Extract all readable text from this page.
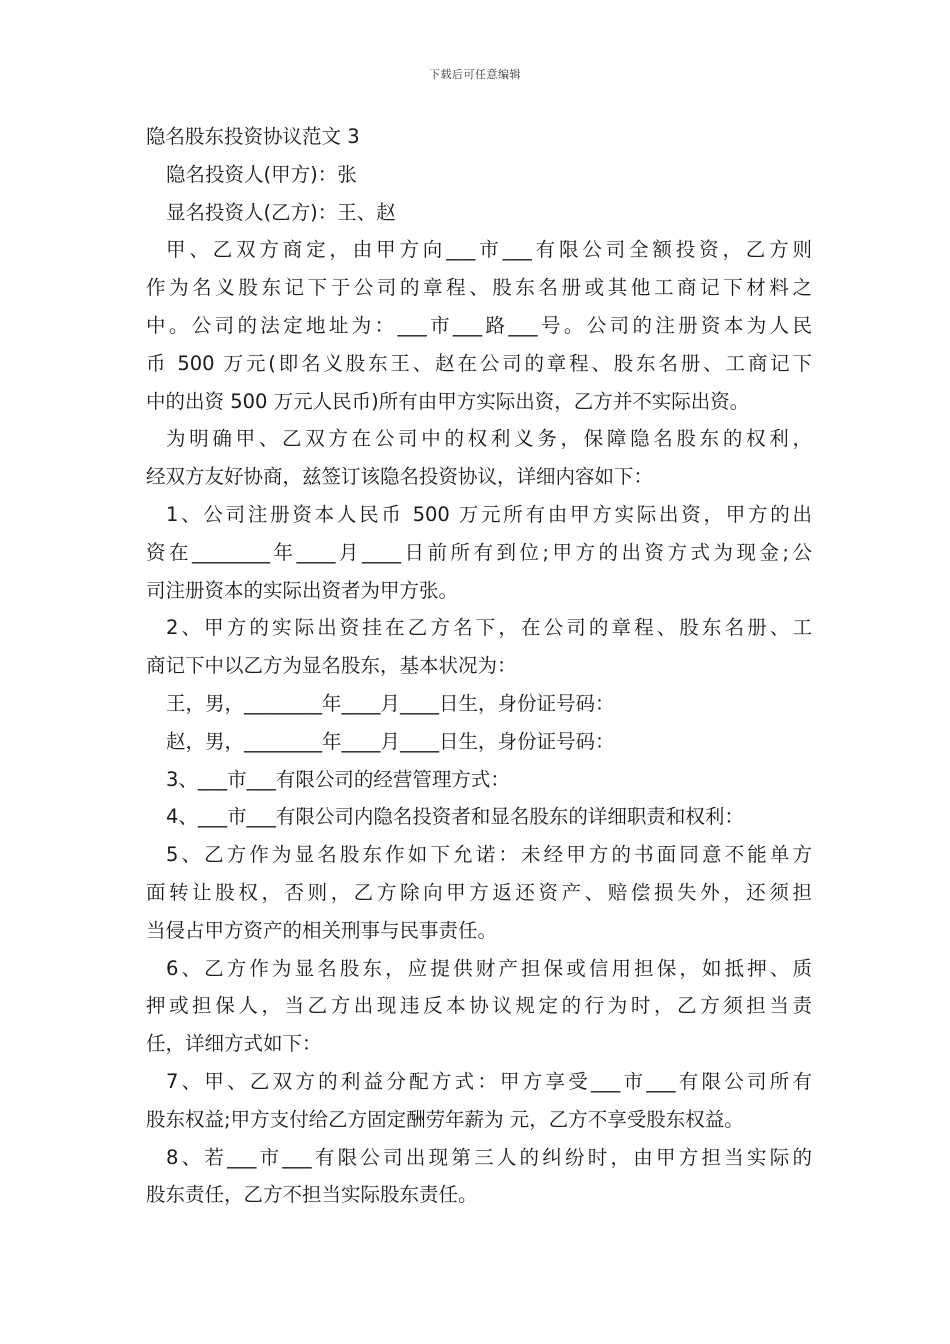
下载后可任意编辑
隐名股东投资协议范文 3
隐名投资人(甲方)：张
显名投资人(乙方)：王、赵
甲、乙双方商定，由甲方向___市___有限公司全额投资，乙方则
作为名义股东记下于公司的章程、股东名册或其他工商记下材料之
中。公司的法定地址为：___市___路___号。公司的注册资本为人民
币 500 万元(即名义股东王、赵在公司的章程、股东名册、工商记下
中的出资 500 万元人民币)所有由甲方实际出资，乙方并不实际出资。
为明确甲、乙双方在公司中的权利义务，保障隐名股东的权利，
经双方友好协商，兹签订该隐名投资协议，详细内容如下：
1、公司注册资本人民币 500 万元所有由甲方实际出资，甲方的出
资在________年____月____日前所有到位;甲方的出资方式为现金;公
司注册资本的实际出资者为甲方张。
2、甲方的实际出资挂在乙方名下，在公司的章程、股东名册、工
商记下中以乙方为显名股东，基本状况为：
王，男，________年____月____日生，身份证号码：
赵，男，________年____月____日生，身份证号码：
3、___市___有限公司的经营管理方式：
4、___市___有限公司内隐名投资者和显名股东的详细职责和权利：
5、乙方作为显名股东作如下允诺：未经甲方的书面同意不能单方
面转让股权，否则，乙方除向甲方返还资产、赔偿损失外，还须担
当侵占甲方资产的相关刑事与民事责任。
6、乙方作为显名股东，应提供财产担保或信用担保，如抵押、质
押或担保人，当乙方出现违反本协议规定的行为时，乙方须担当责
任，详细方式如下：
7、甲、乙双方的利益分配方式：甲方享受___市___有限公司所有
股东权益;甲方支付给乙方固定酬劳年薪为 元，乙方不享受股东权益。
8、若___市___有限公司出现第三人的纠纷时，由甲方担当实际的
股东责任，乙方不担当实际股东责任。
